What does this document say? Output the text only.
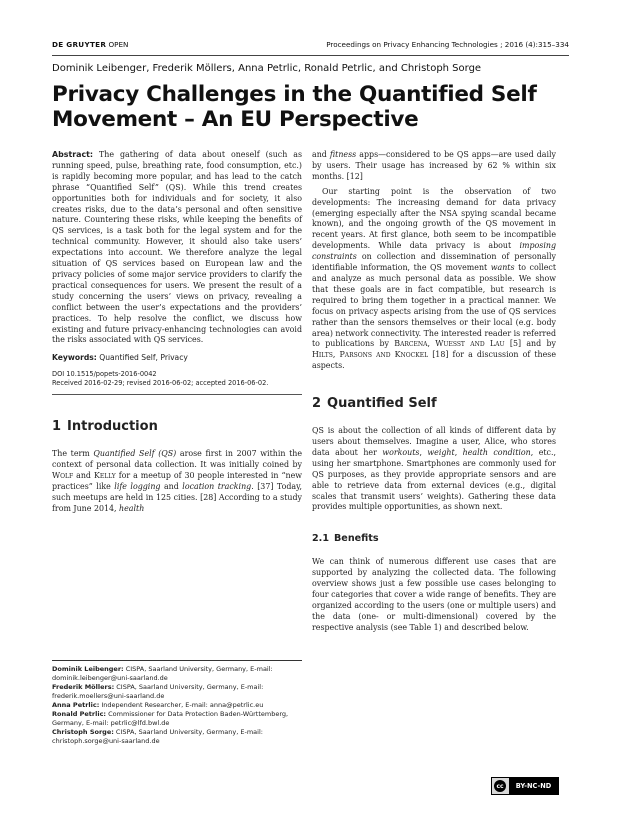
DE GRUYTER OPEN	Proceedings on Privacy Enhancing Technologies ; 2016 (4):315–334
Dominik Leibenger, Frederik Möllers, Anna Petrlic, Ronald Petrlic, and Christoph Sorge
Privacy Challenges in the Quantified Self
Movement – An EU Perspective

Abstract: The gathering of data about oneself (such as running speed, pulse, breathing rate, food consumption, etc.) is rapidly becoming more popular, and has lead to the catch phrase “Quantified Self” (QS). While this trend creates opportunities both for individuals and for society, it also creates risks, due to the data’s personal and often sensitive nature. Countering these risks, while keeping the benefits of QS services, is a task both for the legal system and for the technical community. However, it should also take users’ expectations into account. We therefore analyze the legal situation of QS services based on European law and the privacy policies of some major service providers to clarify the practical consequences for users. We present the result of a study concerning the users’ views on privacy, revealing a conflict between the user’s expectations and the providers’ practices. To help resolve the conflict, we discuss how existing and future privacy-enhancing technologies can avoid the risks associated with QS services.

Keywords: Quantified Self, Privacy
DOI 10.1515/popets-2016-0042
Received 2016-02-29; revised 2016-06-02; accepted 2016-06-02.
1 Introduction

The term Quantified Self (QS) arose first in 2007 within the context of personal data collection. It was initially coined by Wolf and Kelly for a meetup of 30 people interested in “new practices” like life logging and location tracking. [37] Today, such meetups are held in 125 cities. [28] According to a study from June 2014, health

Dominik Leibenger: CISPA, Saarland University, Germany, E-mail: dominik.leibenger@uni-saarland.de
Frederik Möllers: CISPA, Saarland University, Germany, E-mail: frederik.moellers@uni-saarland.de
Anna Petrlic: Independent Researcher, E-mail: anna@petrlic.eu
Ronald Petrlic: Commissioner for Data Protection Baden-Württemberg, Germany, E-mail: petrlic@lfd.bwl.de
Christoph Sorge: CISPA, Saarland University, Germany, E-mail: christoph.sorge@uni-saarland.de

and fitness apps—considered to be QS apps—are used daily by users. Their usage has increased by 62 % within six months. [12]

Our starting point is the observation of two developments: The increasing demand for data privacy (emerging especially after the NSA spying scandal became known), and the ongoing growth of the QS movement in recent years. At first glance, both seem to be incompatible developments. While data privacy is about imposing constraints on collection and dissemination of personally identifiable information, the QS movement wants to collect and analyze as much personal data as possible. We show that these goals are in fact compatible, but research is required to bring them together in a practical manner. We focus on privacy aspects arising from the use of QS services rather than the sensors themselves or their local (e.g. body area) network connectivity. The interested reader is referred to publications by Barcena, Wuesst and Lau [5] and by Hilts, Parsons and Knockel [18] for a discussion of these aspects.

2 Quantified Self

QS is about the collection of all kinds of different data by users about themselves. Imagine a user, Alice, who stores data about her workouts, weight, health condition, etc., using her smartphone. Smartphones are commonly used for QS purposes, as they provide appropriate sensors and are able to retrieve data from external devices (e.g., digital scales that transmit users’ weights). Gathering these data provides multiple opportunities, as shown next.

2.1 Benefits

We can think of numerous different use cases that are supported by analyzing the collected data. The following overview shows just a few possible use cases belonging to four categories that cover a wide range of benefits. They are organized according to the users (one or multiple users) and the data (one- or multi-dimensional) covered by the respective analysis (see Table 1) and described below.

cc	BY-NC-ND
